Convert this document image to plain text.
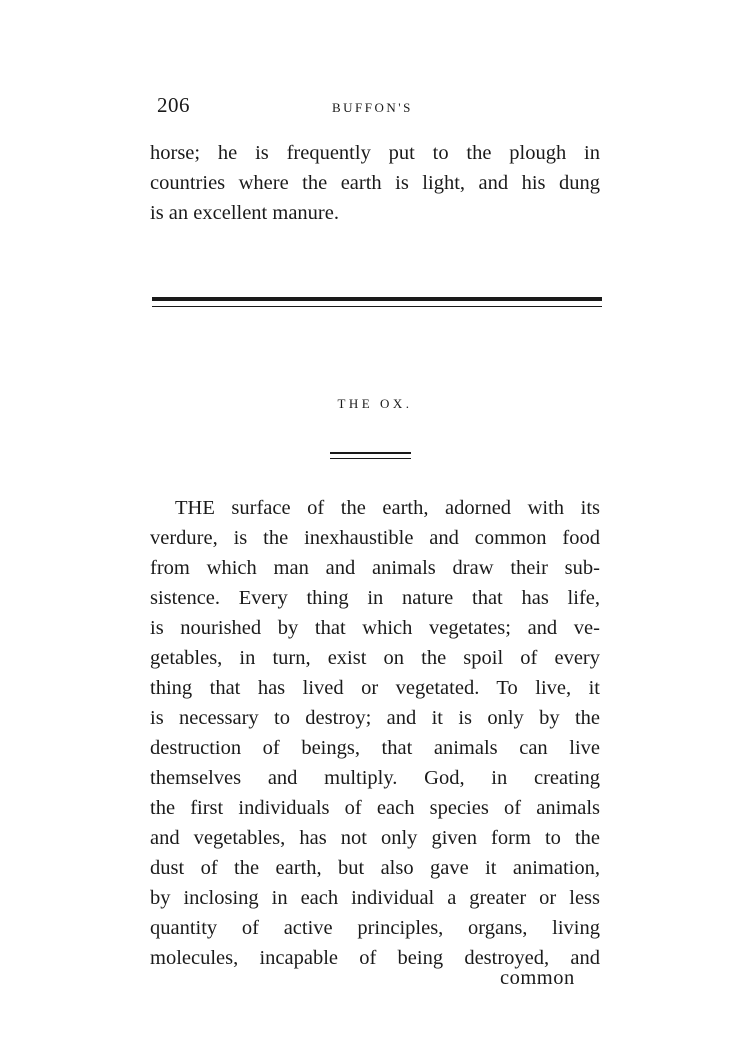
206	BUFFON'S
horse; he is frequently put to the plough in
countries where the earth is light, and his dung
is an excellent manure.
THE OX.
THE surface of the earth, adorned with its
verdure, is the inexhaustible and common food
from which man and animals draw their sub-
sistence. Every thing in nature that has life,
is nourished by that which vegetates; and ve-
getables, in turn, exist on the spoil of every
thing that has lived or vegetated. To live, it
is necessary to destroy; and it is only by the
destruction of beings, that animals can live
themselves and multiply. God, in creating
the first individuals of each species of animals
and vegetables, has not only given form to the
dust of the earth, but also gave it animation,
by inclosing in each individual a greater or less
quantity of active principles, organs, living
molecules, incapable of being destroyed, and
common
